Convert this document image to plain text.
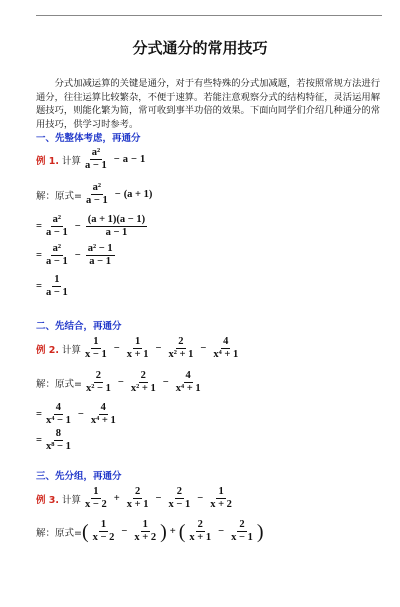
分式通分的常用技巧
分式加减运算的关键是通分，对于有些特殊的分式加减题，若按照常规方法进行通分，往往运算比较繁杂，不便于速算。若能注意观察分式的结构特征，灵活运用解题技巧，则能化繁为简，常可收到事半功倍的效果。下面向同学们介绍几种通分的常用技巧，供学习时参考。
一、先整体考虑，再通分
例 1. 计算 $\frac{\text{a²}}{a - 1} - a - 1$
解：原式= $\frac{\text{a²}}{a - 1} - (a + 1)$
= $\frac{\text{a²}}{a - 1} - \frac{(a + 1)(a - 1)}{a - 1}$
= $\frac{\text{a²}}{a - 1} - \frac{\text{a² − 1}}{a - 1}$
= $\frac{1}{a - 1}$
二、先结合，再通分
例 2. 计算 $\frac{1}{x - 1} - \frac{1}{x + 1} - \frac{2}{\text{x² + 1}} - \frac{4}{\text{x⁴ + 1}}$
解：原式= $\frac{2}{\text{x² − 1}} - \frac{2}{\text{x² + 1}} - \frac{4}{\text{x⁴ + 1}}$
= $\frac{4}{\text{x⁴ − 1}} - \frac{4}{\text{x⁴ + 1}}$
= $\frac{8}{\text{x⁸ − 1}}$
三、先分组，再通分
例 3. 计算 $\frac{1}{x - 2} + \frac{2}{x + 1} - \frac{2}{x - 1} - \frac{1}{x + 2}$
解：原式= ( $\frac{1}{x - 2} - \frac{1}{x + 2}$ ) + ( $\frac{2}{x + 1} - \frac{2}{x - 1}$ )
